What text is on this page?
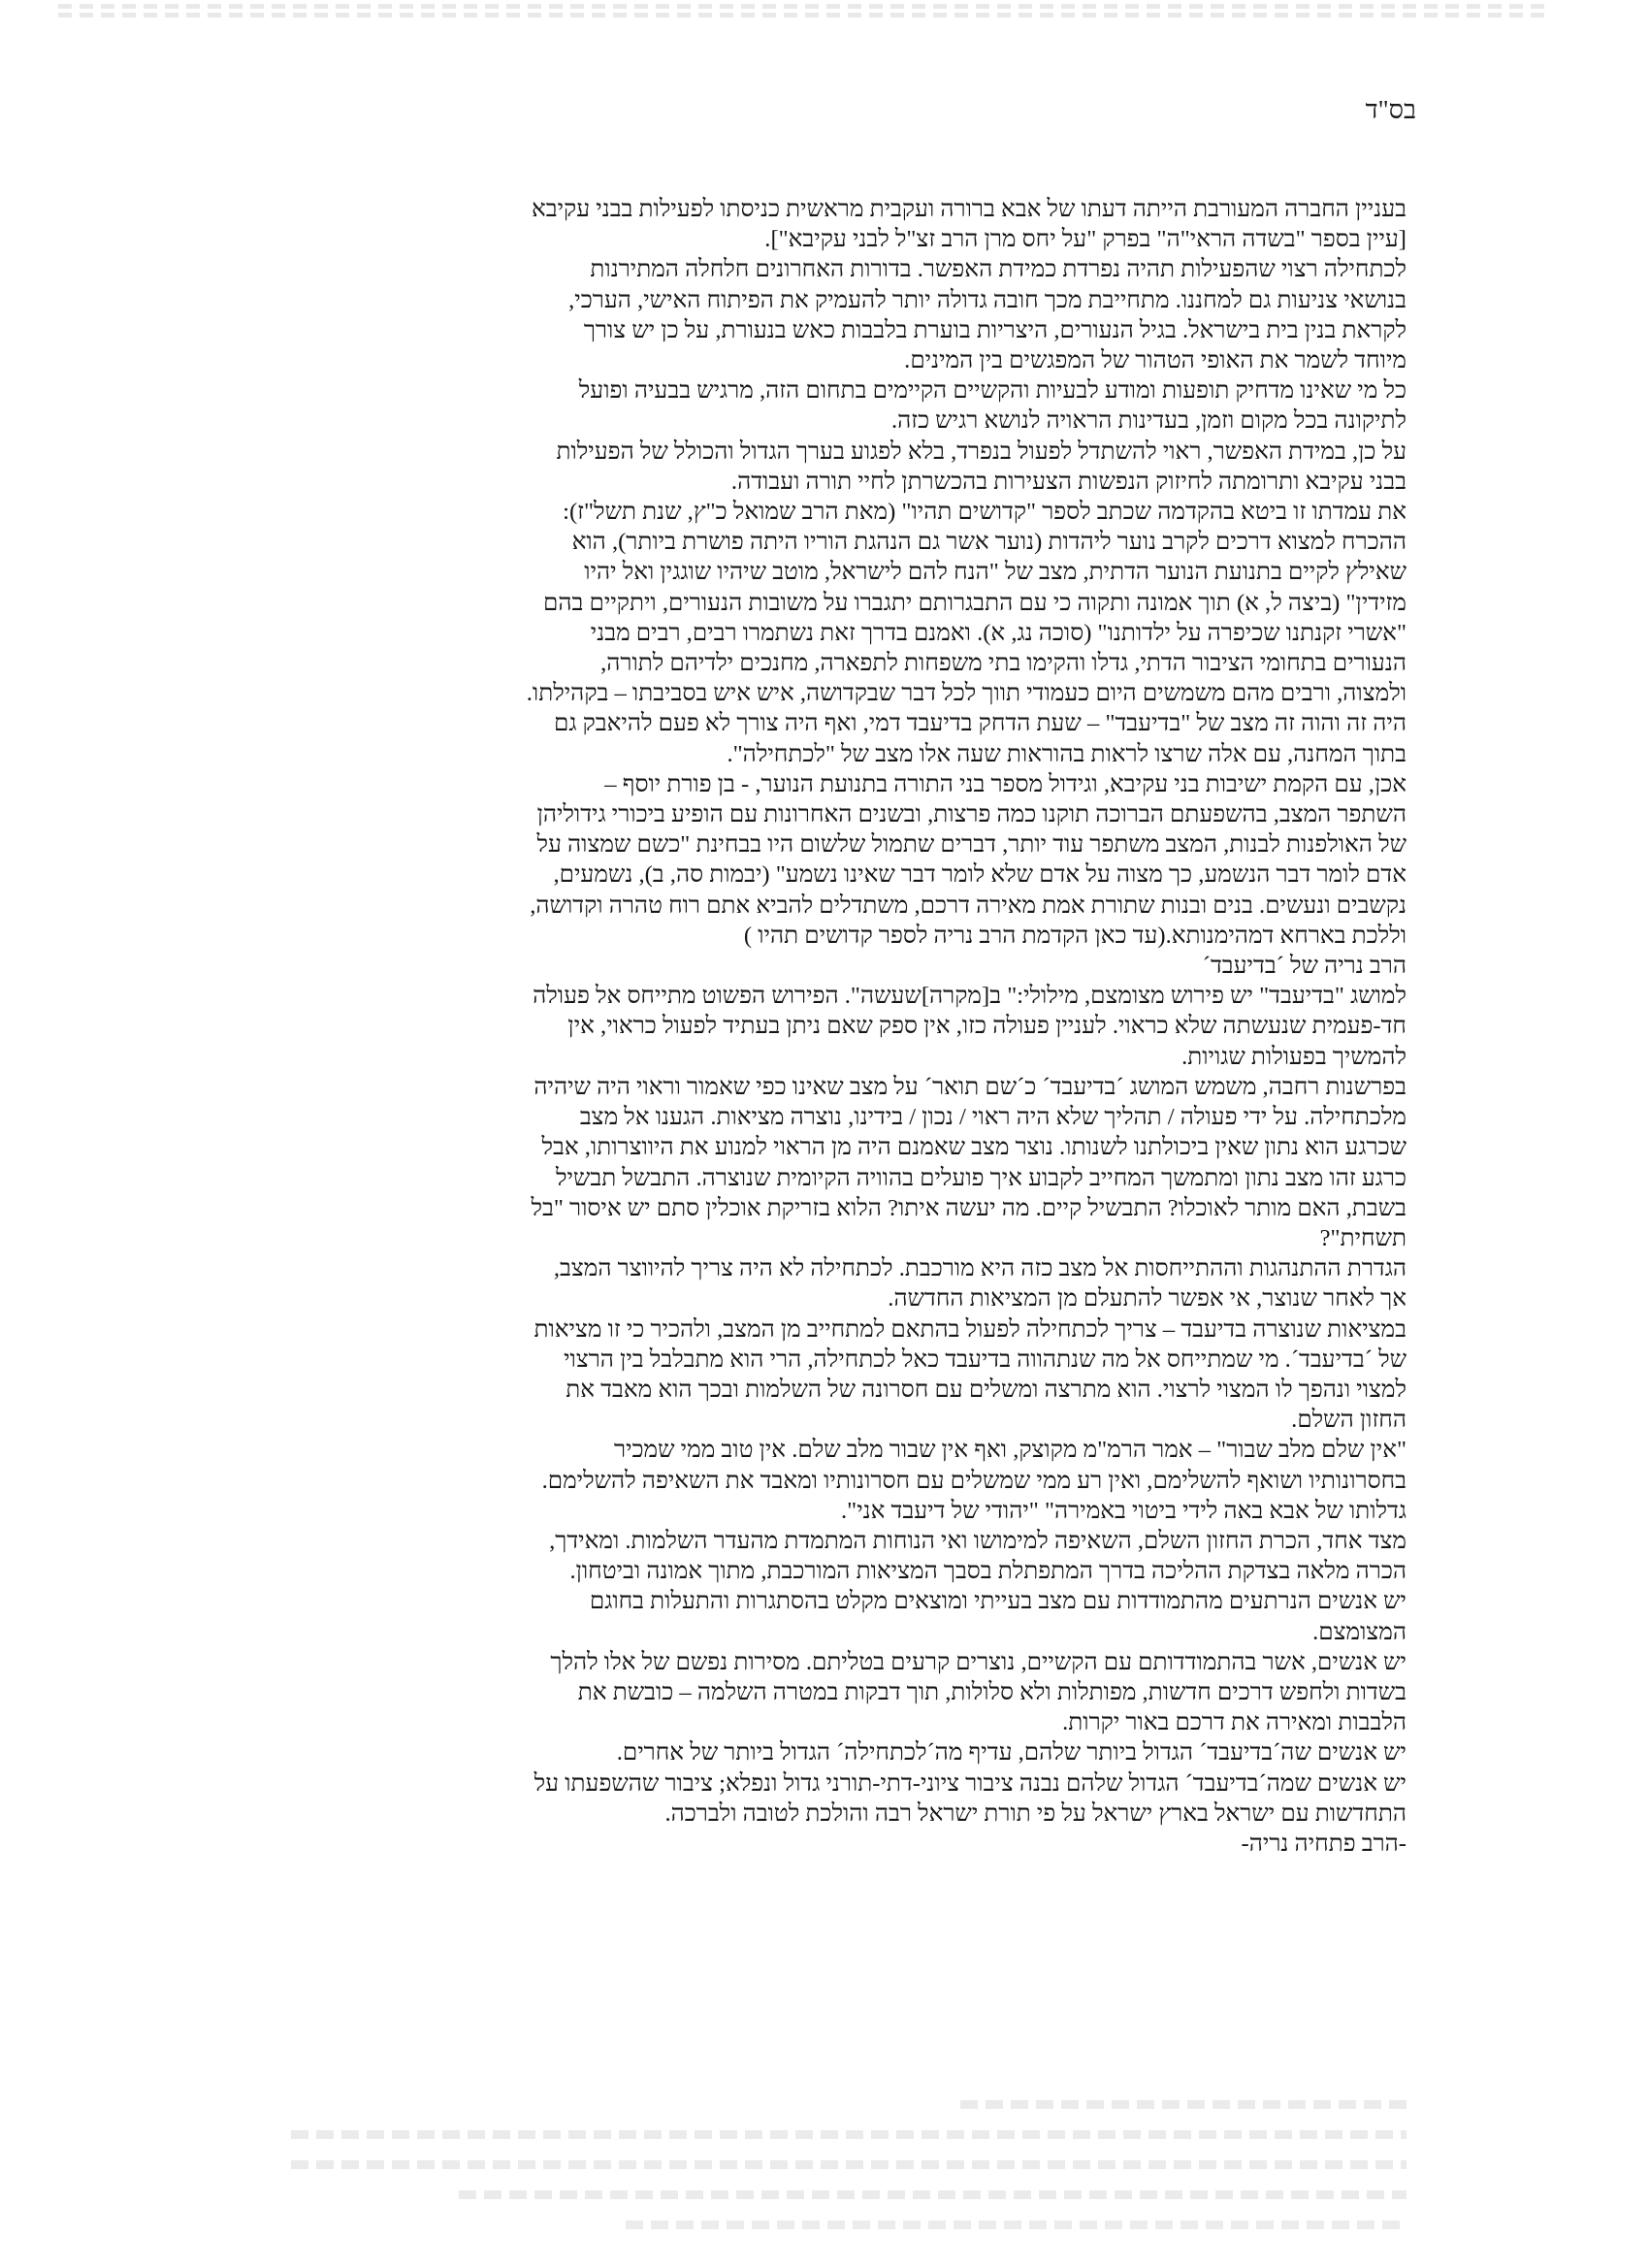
בס"ד

בעניין החברה המעורבת הייתה דעתו של אבא ברורה ועקבית מראשית כניסתו לפעילות בבני עקיבא

[עיין בספר "בשדה הראי"ה" בפרק "על יחס מרן הרב זצ"ל לבני עקיבא"].

לכתחילה רצוי שהפעילות תהיה נפרדת כמידת האפשר. בדורות האחרונים חלחלה המתירנות

בנושאי צניעות גם למחננו. מתחייבת מכך חובה גדולה יותר להעמיק את הפיתוח האישי, הערכי,

לקראת בנין בית בישראל. בגיל הנעורים, היצריות בוערת בלבבות כאש בנעורת, על כן יש צורך

מיוחד לשמר את האופי הטהור של המפגשים בין המינים.

כל מי שאינו מדחיק תופעות ומודע לבעיות והקשיים הקיימים בתחום הזה, מרגיש בבעיה ופועל

לתיקונה בכל מקום וזמן, בעדינות הראויה לנושא רגיש כזה.

על כן, במידת האפשר, ראוי להשתדל לפעול בנפרד, בלא לפגוע בערך הגדול והכולל של הפעילות

בבני עקיבא ותרומתה לחיזוק הנפשות הצעירות בהכשרתן לחיי תורה ועבודה.

את עמדתו זו ביטא בהקדמה שכתב לספר "קדושים תהיו" (מאת הרב שמואל כ"ץ, שנת תשל"ז):

ההכרח למצוא דרכים לקרב נוער ליהדות (נוער אשר גם הנהגת הוריו היתה פושרת ביותר), הוא

שאילץ לקיים בתנועת הנוער הדתית, מצב של "הנח להם לישראל, מוטב שיהיו שוגגין ואל יהיו

מזידין" (ביצה ל, א) תוך אמונה ותקוה כי עם התבגרותם יתגברו על משובות הנעורים, ויתקיים בהם

"אשרי זקנתנו שכיפרה על ילדותנו" (סוכה נג, א). ואמנם בדרך זאת נשתמרו רבים, רבים מבני

הנעורים בתחומי הציבור הדתי, גדלו והקימו בתי משפחות לתפארה, מחנכים ילדיהם לתורה,

ולמצוה, ורבים מהם משמשים היום כעמודי תווך לכל דבר שבקדושה, איש איש בסביבתו – בקהילתו.

היה זה והוה זה מצב של "בדיעבד" – שעת הדחק בדיעבד דמי, ואף היה צורך לא פעם להיאבק גם

בתוך המחנה, עם אלה שרצו לראות בהוראות שעה אלו מצב של "לכתחילה".

אכן, עם הקמת ישיבות בני עקיבא, וגידול מספר בני התורה בתנועת הנוער, - בן פורת יוסף –

השתפר המצב, בהשפעתם הברוכה תוקנו כמה פרצות, ובשנים האחרונות עם הופיע ביכורי גידוליהן

של האולפנות לבנות, המצב משתפר עוד יותר, דברים שתמול שלשום היו בבחינת "כשם שמצוה על

אדם לומר דבר הנשמע, כך מצוה על אדם שלא לומר דבר שאינו נשמע" (יבמות סה, ב), נשמעים,

נקשבים ונעשים. בנים ובנות שתורת אמת מאירה דרכם, משתדלים להביא אתם רוח טהרה וקדושה,

וללכת בארחא דמהימנותא.(עד כאן הקדמת הרב נריה לספר קדושים תהיו )

הרב נריה של ´בדיעבד´

למושג "בדיעבד" יש פירוש מצומצם, מילולי:" ב[מקרה]שעשה". הפירוש הפשוט מתייחס אל פעולה

חד-פעמית שנעשתה שלא כראוי. לעניין פעולה כזו, אין ספק שאם ניתן בעתיד לפעול כראוי, אין

להמשיך בפעולות שגויות.

בפרשנות רחבה, משמש המושג ´בדיעבד´ כ´שם תואר´ על מצב שאינו כפי שאמור וראוי היה שיהיה

מלכתחילה. על ידי פעולה / תהליך שלא היה ראוי / נכון / בידינו, נוצרה מציאות. הגענו אל מצב

שכרגע הוא נתון שאין ביכולתנו לשנותו. נוצר מצב שאמנם היה מן הראוי למנוע את היווצרותו, אבל

כרגע זהו מצב נתון ומתמשך המחייב לקבוע איך פועלים בהוויה הקיומית שנוצרה. התבשל תבשיל

בשבת, האם מותר לאוכלו? התבשיל קיים. מה יעשה איתו? הלוא בזריקת אוכלין סתם יש איסור "בל

תשחית"?

הגדרת ההתנהגות וההתייחסות אל מצב כזה היא מורכבת. לכתחילה לא היה צריך להיווצר המצב,

אך לאחר שנוצר, אי אפשר להתעלם מן המציאות החדשה.

במציאות שנוצרה בדיעבד – צריך לכתחילה לפעול בהתאם למתחייב מן המצב, ולהכיר כי זו מציאות

של ´בדיעבד´. מי שמתייחס אל מה שנתהווה בדיעבד כאל לכתחילה, הרי הוא מתבלבל בין הרצוי

למצוי ונהפך לו המצוי לרצוי. הוא מתרצה ומשלים עם חסרונה של השלמות ובכך הוא מאבד את

החזון השלם.

"אין שלם מלב שבור" – אמר הרמ"מ מקוצק, ואף אין שבור מלב שלם. אין טוב ממי שמכיר

בחסרונותיו ושואף להשלימם, ואין רע ממי שמשלים עם חסרונותיו ומאבד את השאיפה להשלימם.

גדלותו של אבא באה לידי ביטוי באמירה" "יהודי של דיעבד אני".

מצד אחד, הכרת החזון השלם, השאיפה למימושו ואי הנוחות המתמדת מהעדר השלמות. ומאידך,

הכרה מלאה בצדקת ההליכה בדרך המתפתלת בסבך המציאות המורכבת, מתוך אמונה וביטחון.

יש אנשים הנרתעים מהתמודדות עם מצב בעייתי ומוצאים מקלט בהסתגרות והתעלות בחוגם

המצומצם.

יש אנשים, אשר בהתמודדותם עם הקשיים, נוצרים קרעים בטליתם. מסירות נפשם של אלו להלך

בשדות ולחפש דרכים חדשות, מפותלות ולא סלולות, תוך דבקות במטרה השלמה – כובשת את

הלבבות ומאירה את דרכם באור יקרות.

יש אנשים שה´בדיעבד´ הגדול ביותר שלהם, עדיף מה´לכתחילה´ הגדול ביותר של אחרים.

יש אנשים שמה´בדיעבד´ הגדול שלהם נבנה ציבור ציוני-דתי-תורני גדול ונפלא; ציבור שהשפעתו על

התחדשות עם ישראל בארץ ישראל על פי תורת ישראל רבה והולכת לטובה ולברכה.

-הרב פתחיה נריה-
